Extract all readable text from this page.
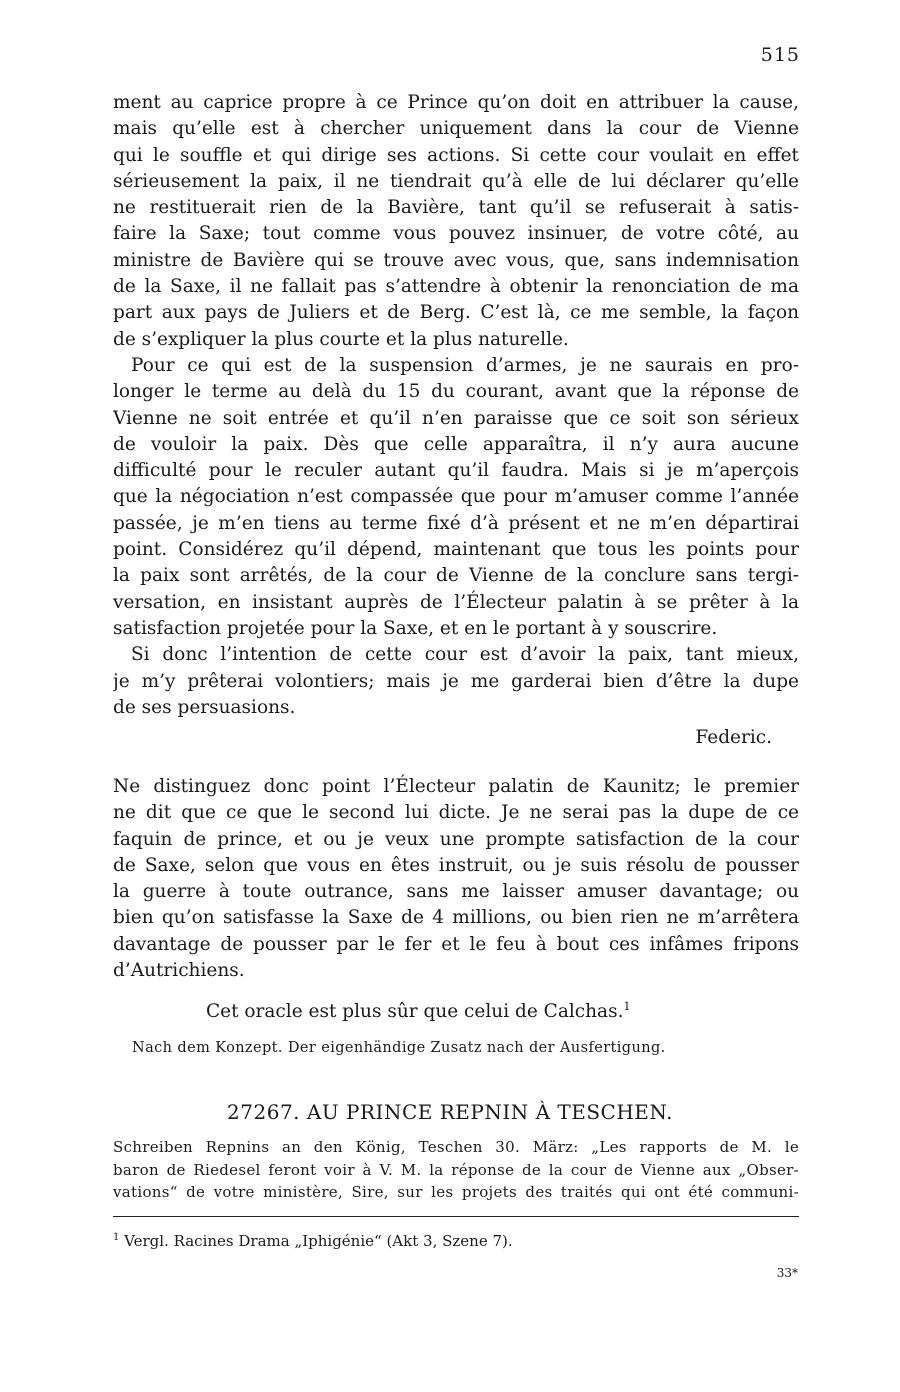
515
ment au caprice propre à ce Prince qu’on doit en attribuer la cause,
mais qu’elle est à chercher uniquement dans la cour de Vienne
qui le souffle et qui dirige ses actions. Si cette cour voulait en effet
sérieusement la paix, il ne tiendrait qu’à elle de lui déclarer qu’elle
ne restituerait rien de la Bavière, tant qu’il se refuserait à satis-
faire la Saxe; tout comme vous pouvez insinuer, de votre côté, au
ministre de Bavière qui se trouve avec vous, que, sans indemnisation
de la Saxe, il ne fallait pas s’attendre à obtenir la renonciation de ma
part aux pays de Juliers et de Berg. C’est là, ce me semble, la façon
de s’expliquer la plus courte et la plus naturelle.
Pour ce qui est de la suspension d’armes, je ne saurais en pro-
longer le terme au delà du 15 du courant, avant que la réponse de
Vienne ne soit entrée et qu’il n’en paraisse que ce soit son sérieux
de vouloir la paix. Dès que celle apparaîtra, il n’y aura aucune
difficulté pour le reculer autant qu’il faudra. Mais si je m’aperçois
que la négociation n’est compassée que pour m’amuser comme l’année
passée, je m’en tiens au terme fixé d’à présent et ne m’en départirai
point. Considérez qu’il dépend, maintenant que tous les points pour
la paix sont arrêtés, de la cour de Vienne de la conclure sans tergi-
versation, en insistant auprès de l’Électeur palatin à se prêter à la
satisfaction projetée pour la Saxe, et en le portant à y souscrire.
Si donc l’intention de cette cour est d’avoir la paix, tant mieux,
je m’y prêterai volontiers; mais je me garderai bien d’être la dupe
de ses persuasions.
Federic.
Ne distinguez donc point l’Électeur palatin de Kaunitz; le premier
ne dit que ce que le second lui dicte. Je ne serai pas la dupe de ce
faquin de prince, et ou je veux une prompte satisfaction de la cour
de Saxe, selon que vous en êtes instruit, ou je suis résolu de pousser
la guerre à toute outrance, sans me laisser amuser davantage; ou
bien qu’on satisfasse la Saxe de 4 millions, ou bien rien ne m’arrêtera
davantage de pousser par le fer et le feu à bout ces infâmes fripons
d’Autrichiens.
Cet oracle est plus sûr que celui de Calchas.$^1$
Nach dem Konzept. Der eigenhändige Zusatz nach der Ausfertigung.
27267. AU PRINCE REPNIN À TESCHEN.
Schreiben Repnins an den König, Teschen 30. März: „Les rapports de M. le
baron de Riedesel feront voir à V. M. la réponse de la cour de Vienne aux „Obser-
vations“ de votre ministère, Sire, sur les projets des traités qui ont été communi-
$^1$ Vergl. Racines Drama „Iphigénie“ (Akt 3, Szene 7).
33*
